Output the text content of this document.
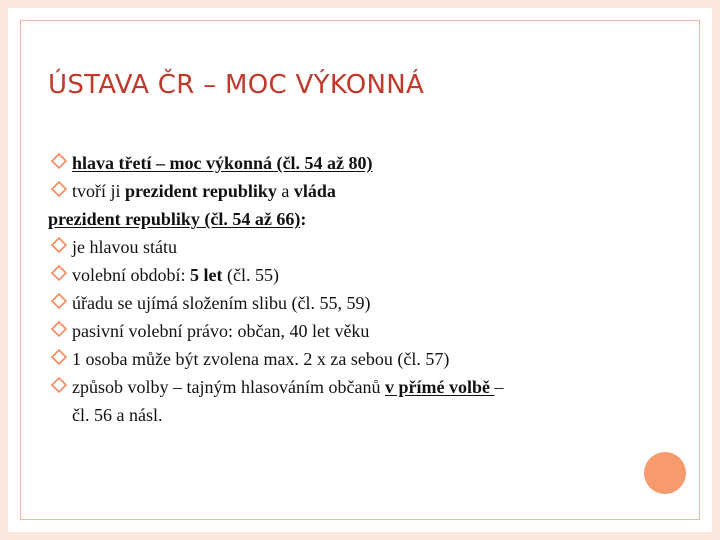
ÚSTAVA ČR – MOC VÝKONNÁ
hlava třetí – moc výkonná (čl. 54 až 80)
tvoří ji prezident republiky a vláda
prezident republiky (čl. 54 až 66):
je hlavou státu
volební období: 5 let (čl. 55)
úřadu se ujímá složením slibu (čl. 55, 59)
pasivní volební právo: občan, 40 let věku
1 osoba může být zvolena max. 2 x za sebou (čl. 57)
způsob volby – tajným hlasováním občanů v přímé volbě –
čl. 56 a násl.
